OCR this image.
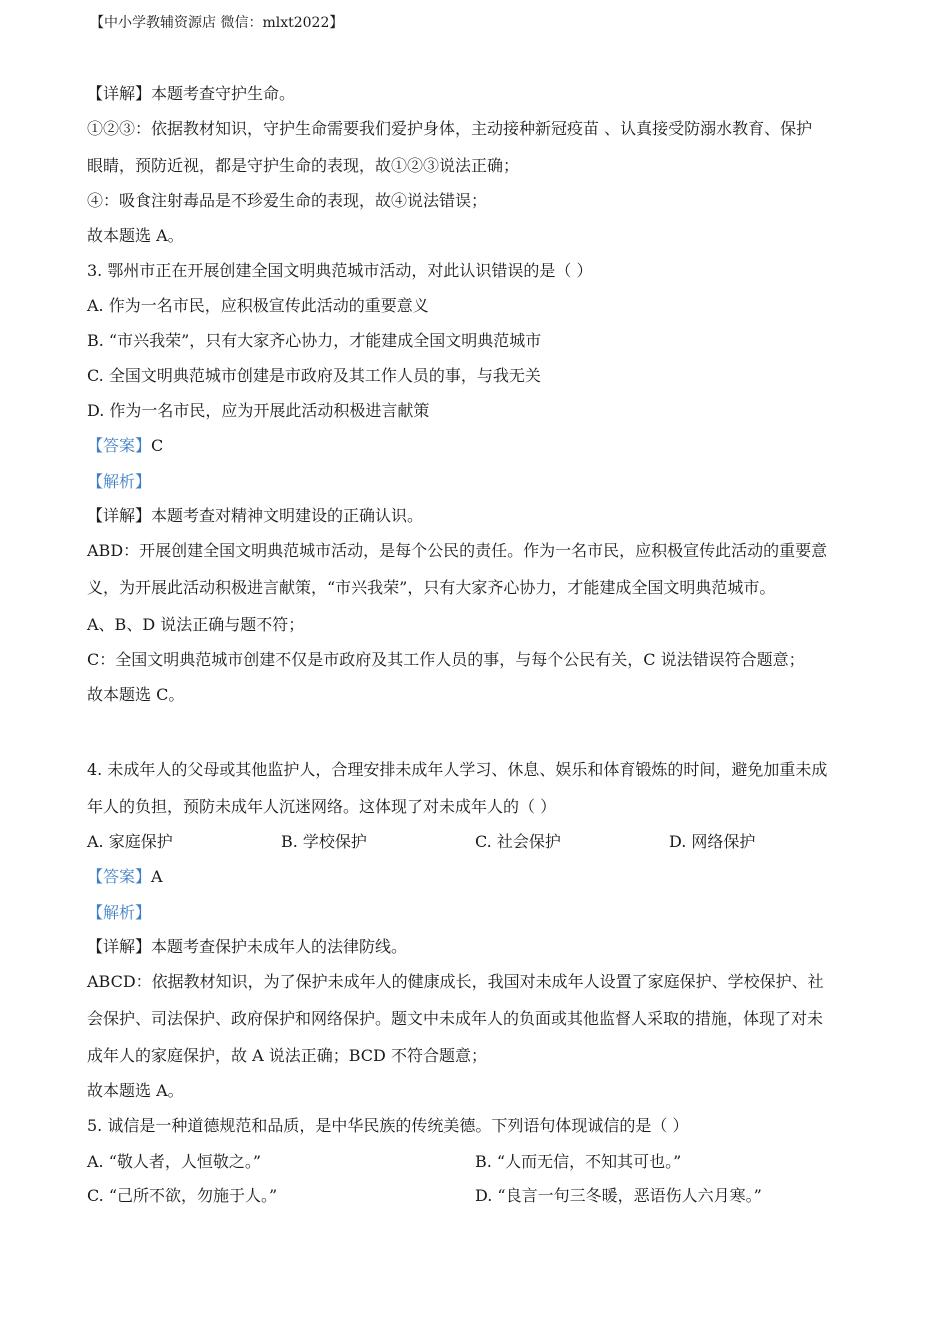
【中小学教辅资源店 微信：mlxt2022】
【详解】本题考查守护生命。
①②③：依据教材知识，守护生命需要我们爱护身体，主动接种新冠疫苗 、认真接受防溺水教育、保护
眼睛，预防近视，都是守护生命的表现，故①②③说法正确；
④：吸食注射毒品是不珍爱生命的表现，故④说法错误；
故本题选 A。
3. 鄂州市正在开展创建全国文明典范城市活动，对此认识错误的是（ ）
A. 作为一名市民，应积极宣传此活动的重要意义
B. “市兴我荣”，只有大家齐心协力，才能建成全国文明典范城市
C. 全国文明典范城市创建是市政府及其工作人员的事，与我无关
D. 作为一名市民，应为开展此活动积极进言献策
【答案】C
【解析】
【详解】本题考查对精神文明建设的正确认识。
ABD：开展创建全国文明典范城市活动，是每个公民的责任。作为一名市民，应积极宣传此活动的重要意
义，为开展此活动积极进言献策，“市兴我荣”，只有大家齐心协力，才能建成全国文明典范城市。
A、B、D 说法正确与题不符；
C：全国文明典范城市创建不仅是市政府及其工作人员的事，与每个公民有关，C 说法错误符合题意；
故本题选 C。
4. 未成年人的父母或其他监护人，合理安排未成年人学习、休息、娱乐和体育锻炼的时间，避免加重未成
年人的负担，预防未成年人沉迷网络。这体现了对未成年人的（ ）
A. 家庭保护	B. 学校保护	C. 社会保护	D. 网络保护
【答案】A
【解析】
【详解】本题考查保护未成年人的法律防线。
ABCD：依据教材知识，为了保护未成年人的健康成长，我国对未成年人设置了家庭保护、学校保护、社
会保护、司法保护、政府保护和网络保护。题文中未成年人的负面或其他监督人采取的措施，体现了对未
成年人的家庭保护，故 A 说法正确；BCD 不符合题意；
故本题选 A。
5. 诚信是一种道德规范和品质，是中华民族的传统美德。下列语句体现诚信的是（ ）
A. “敬人者，人恒敬之。”	B. “人而无信，不知其可也。”
C. “己所不欲，勿施于人。”	D. “良言一句三冬暖，恶语伤人六月寒。”
